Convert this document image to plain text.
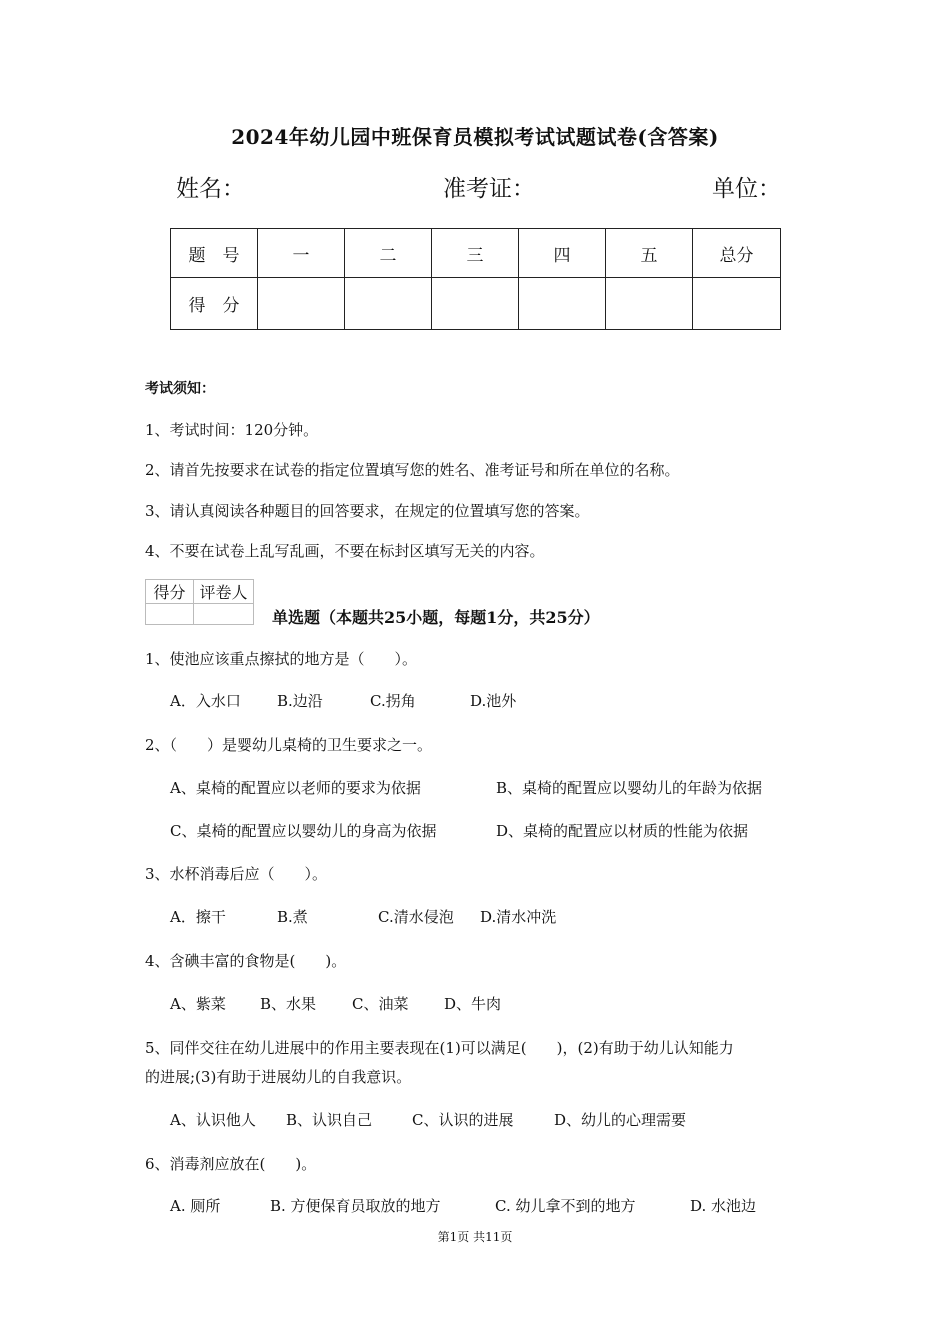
2024年幼儿园中班保育员模拟考试试题试卷(含答案)
姓名：	准考证：	单位：
题　号	一	二	三	四	五	总分
得　分						
考试须知：
1、考试时间：120分钟。
2、请首先按要求在试卷的指定位置填写您的姓名、准考证号和所在单位的名称。
3、请认真阅读各种题目的回答要求，在规定的位置填写您的答案。
4、不要在试卷上乱写乱画，不要在标封区填写无关的内容。
得分	评卷人

单选题（本题共25小题，每题1分，共25分）
1、使池应该重点擦拭的地方是（　　）。
A．入水口 B.边沿	C.拐角	D.池外
2、（　　）是婴幼儿桌椅的卫生要求之一。
A、桌椅的配置应以老师的要求为依据	B、桌椅的配置应以婴幼儿的年龄为依据
C、桌椅的配置应以婴幼儿的身高为依据	D、桌椅的配置应以材质的性能为依据
3、水杯消毒后应（　　）。
A．擦干	B.煮	C.清水侵泡 D.清水冲洗
4、含碘丰富的食物是(　　)。
A、紫菜 B、水果 C、油菜 D、牛肉
5、同伴交往在幼儿进展中的作用主要表现在(1)可以满足(　　)，(2)有助于幼儿认知能力
的进展;(3)有助于进展幼儿的自我意识。
A、认识他人 B、认识自己	C、认识的进展	D、幼儿的心理需要
6、消毒剂应放在(　　)。
A. 厕所	B. 方便保育员取放的地方	C. 幼儿拿不到的地方	D. 水池边
第1页 共11页
